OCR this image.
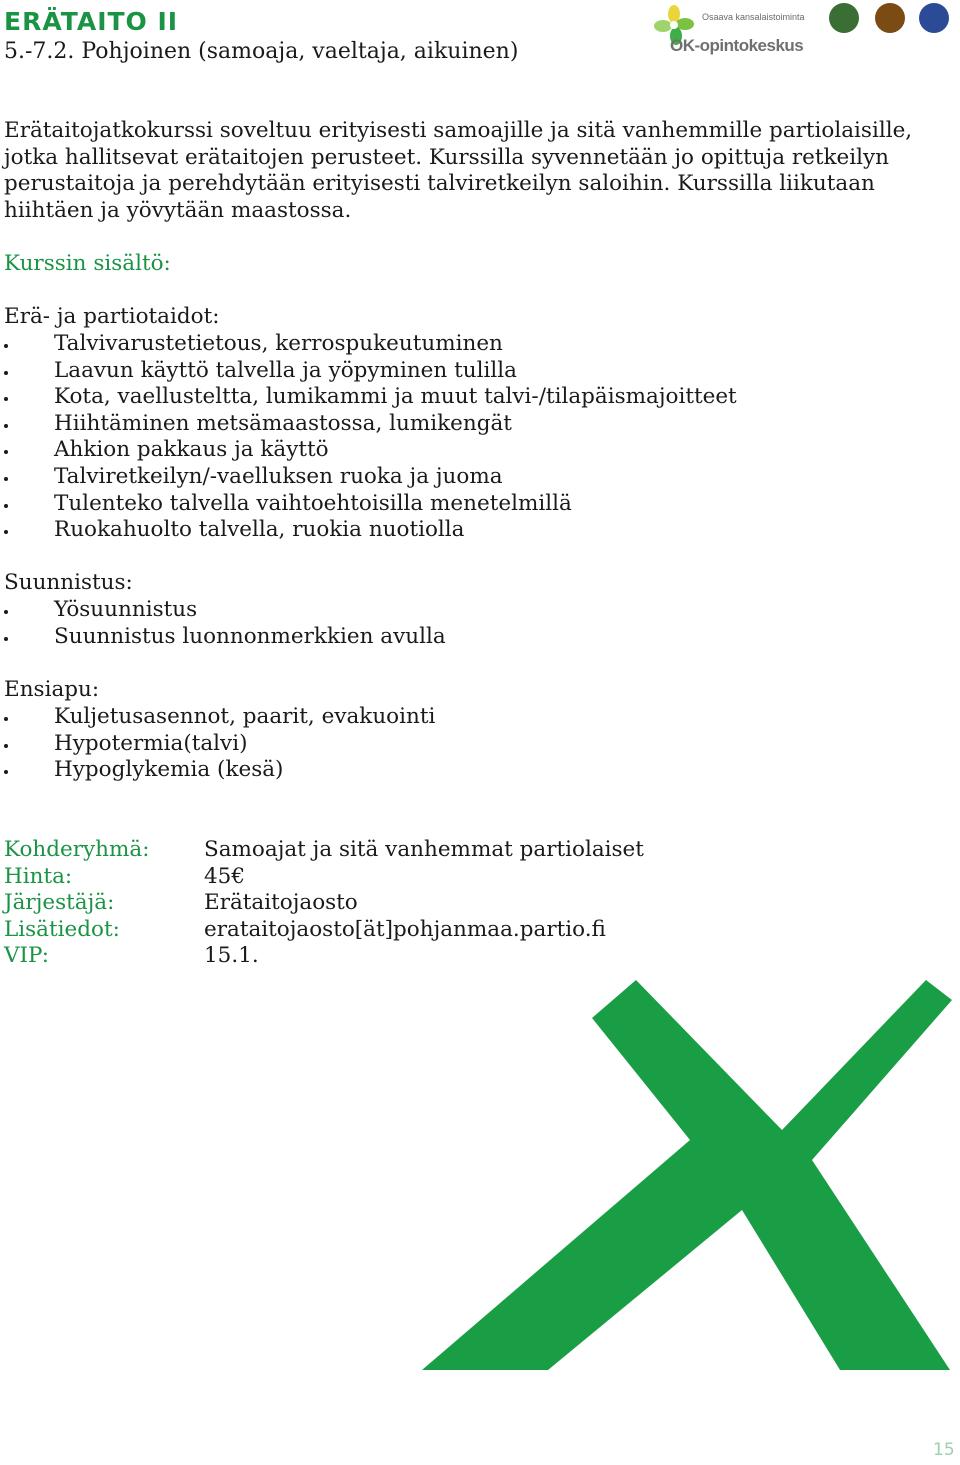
ERÄTAITO II
5.-7.2. Pohjoinen (samoaja, vaeltaja, aikuinen)
Osaava kansalaistoiminta
OK-opintokeskus

Erätaitojatkokurssi soveltuu erityisesti samoajille ja sitä vanhemmille partiolaisille, jotka hallitsevat erätaitojen perusteet. Kurssilla syvennetään jo opittuja retkeilyn perustaitoja ja perehdytään erityisesti talviretkeilyn saloihin. Kurssilla liikutaan hiihtäen ja yövytään maastossa.

Kurssin sisältö:

Erä- ja partiotaidot:

Talvivarustetietous, kerrospukeutuminen
Laavun käyttö talvella ja yöpyminen tulilla
Kota, vaellusteltta, lumikammi ja muut talvi-/tilapäismajoitteet
Hiihtäminen metsämaastossa, lumikengät
Ahkion pakkaus ja käyttö
Talviretkeilyn/-vaelluksen ruoka ja juoma
Tulenteko talvella vaihtoehtoisilla menetelmillä
Ruokahuolto talvella, ruokia nuotiolla

Suunnistus:

Yösuunnistus
Suunnistus luonnonmerkkien avulla

Ensiapu:

Kuljetusasennot, paarit, evakuointi
Hypotermia(talvi)
Hypoglykemia (kesä)
Kohderyhmä:	Samoajat ja sitä vanhemmat partiolaiset
Hinta:	45€
Järjestäjä:	Erätaitojaosto
Lisätiedot:	erataitojaosto[ät]pohjanmaa.partio.fi
VIP:	15.1.
15
